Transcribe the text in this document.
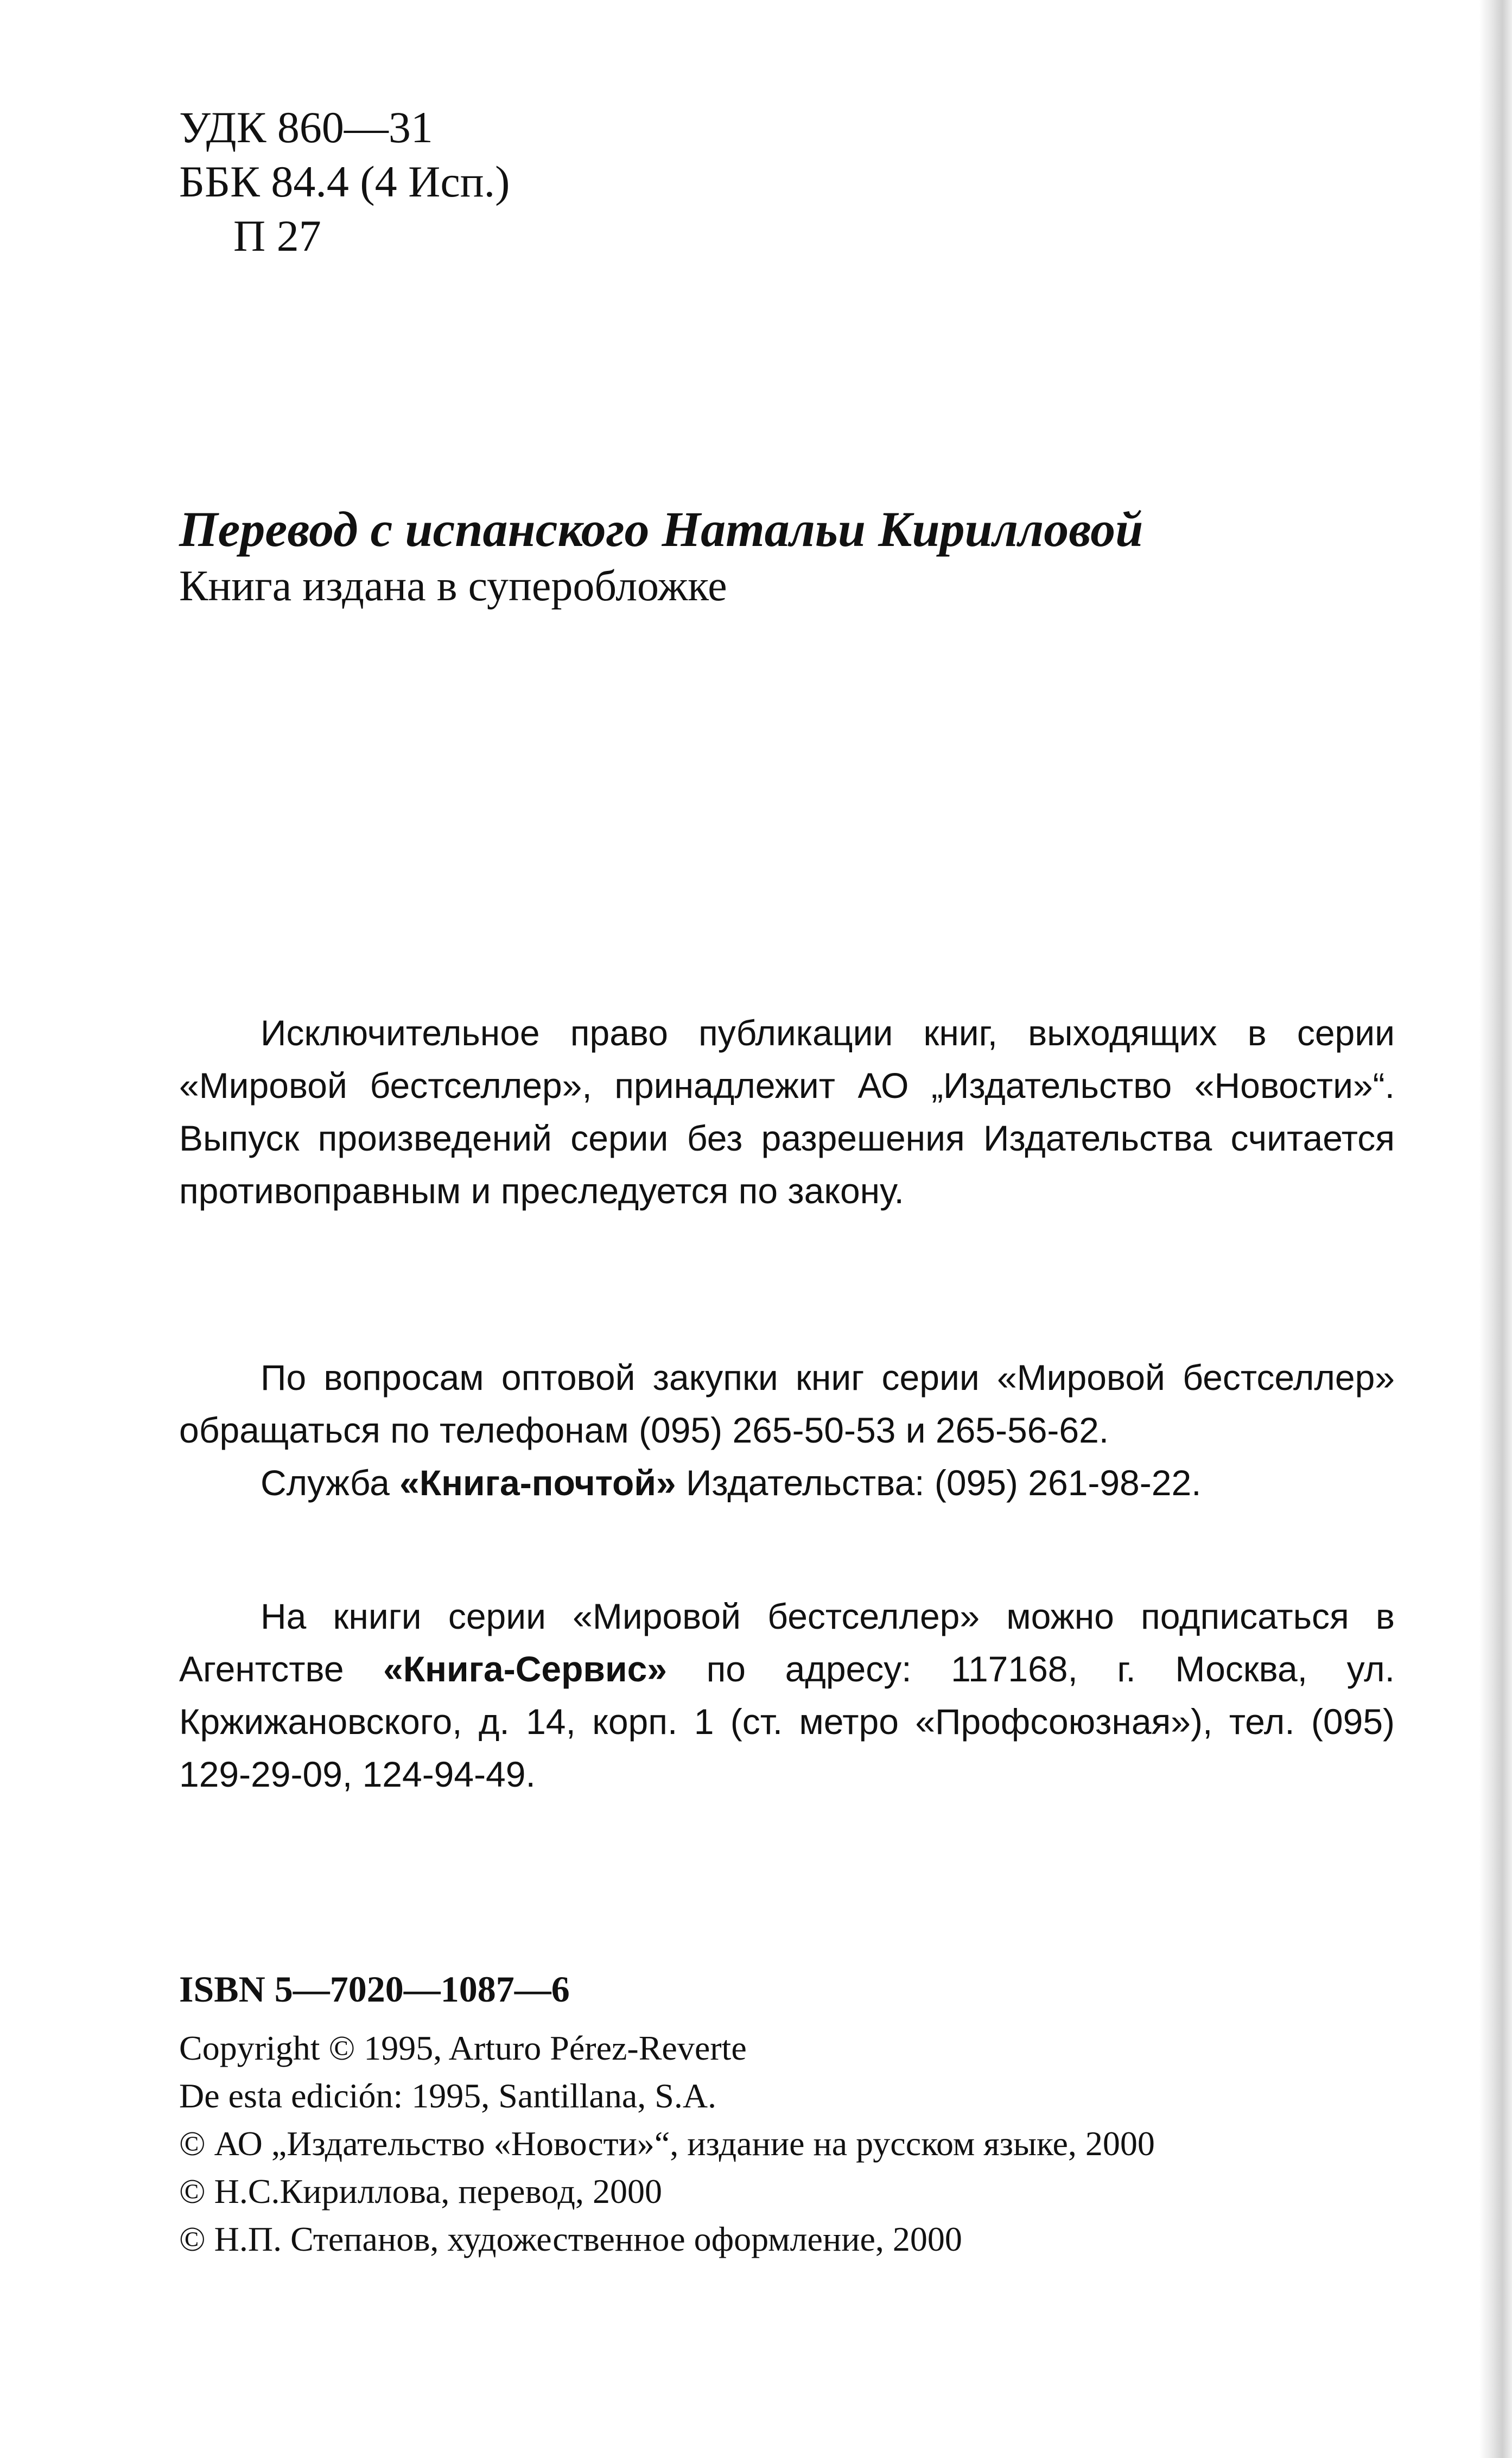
УДК 860—31
ББК 84.4 (4 Исп.)
П 27
Перевод с испанского Натальи Кирилловой
Книга издана в суперобложке
Исключительное право публикации книг, выходящих в серии «Мировой бестселлер», принадлежит АО „Издательство «Новости»“. Выпуск произведений серии без разрешения Издательства считается противоправным и преследуется по закону.
По вопросам оптовой закупки книг серии «Мировой бестселлер» обращаться по телефонам (095) 265-50-53 и 265-56-62.
Служба «Книга-почтой» Издательства: (095) 261-98-22.
На книги серии «Мировой бестселлер» можно подписаться в Агентстве «Книга-Сервис» по адресу: 117168, г. Москва, ул. Кржижановского, д. 14, корп. 1 (ст. метро «Профсоюзная»), тел. (095) 129-29-09, 124-94-49.
ISBN 5—7020—1087—6
Copyright © 1995, Arturo Pérez-Reverte
De esta edición: 1995, Santillana, S.A.
© АО „Издательство «Новости»“, издание на русском языке, 2000
© Н.С.Кириллова, перевод, 2000
© Н.П. Степанов, художественное оформление, 2000
